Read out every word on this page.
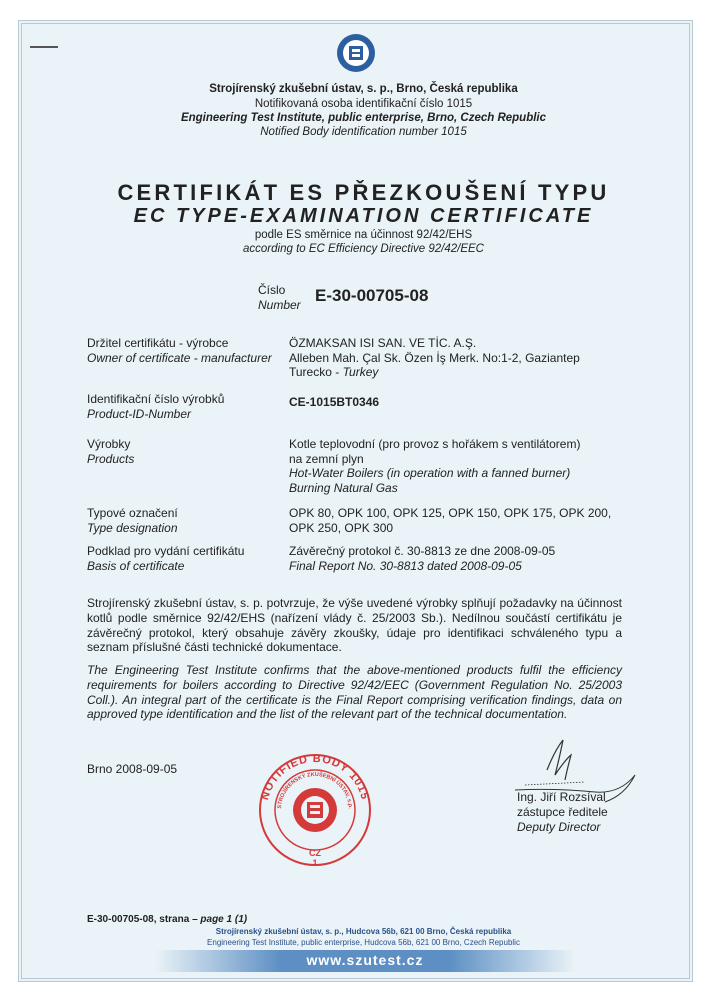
Strojírenský zkušební ústav, s. p., Brno, Česká republika
Notifikovaná osoba identifikační číslo 1015
Engineering Test Institute, public enterprise, Brno, Czech Republic
Notified Body identification number 1015
CERTIFIKÁT ES PŘEZKOUŠENÍ TYPU
EC TYPE-EXAMINATION CERTIFICATE
podle ES směrnice na účinnost 92/42/EHS
according to EC Efficiency Directive 92/42/EEC
Číslo
Number E-30-00705-08
Držitel certifikátu - výrobce
Owner of certificate - manufacturer
ÖZMAKSAN ISI SAN. VE TİC. A.Ş.
Alleben Mah. Çal Sk. Özen İş Merk. No:1-2, Gaziantep
Turecko - Turkey
Identifikační číslo výrobků
Product-ID-Number
CE-1015BT0346
Výrobky
Products
Kotle teplovodní (pro provoz s hořákem s ventilátorem)
na zemní plyn
Hot-Water Boilers (in operation with a fanned burner)
Burning Natural Gas
Typové označení
Type designation
OPK 80, OPK 100, OPK 125, OPK 150, OPK 175, OPK 200,
OPK 250, OPK 300
Podklad pro vydání certifikátu
Basis of certificate
Závěrečný protokol č. 30-8813 ze dne 2008-09-05
Final Report No. 30-8813 dated 2008-09-05
Strojírenský zkušební ústav, s. p. potvrzuje, že výše uvedené výrobky splňují požadavky na účinnost kotlů podle směrnice 92/42/EHS (nařízení vlády č. 25/2003 Sb.). Nedílnou součástí certifikátu je závěrečný protokol, který obsahuje závěry zkoušky, údaje pro identifikaci schváleného typu a seznam příslušné části technické dokumentace.
The Engineering Test Institute confirms that the above-mentioned products fulfil the efficiency requirements for boilers according to Directive 92/42/EEC (Government Regulation No. 25/2003 Coll.). An integral part of the certificate is the Final Report comprising verification findings, data on approved type identification and the list of the relevant part of the technical documentation.
Brno 2008-09-05
NOTIFIED BODY 1015
STROJÍRENSKÝ ZKUŠEBNÍ ÚSTAV, s.p.
CZ
1
Ing. Jiří Rozsíval
zástupce ředitele
Deputy Director
E-30-00705-08, strana – page 1 (1)
Strojírenský zkušební ústav, s. p., Hudcova 56b, 621 00 Brno, Česká republika
Engineering Test Institute, public enterprise, Hudcova 56b, 621 00 Brno, Czech Republic
www.szutest.cz
